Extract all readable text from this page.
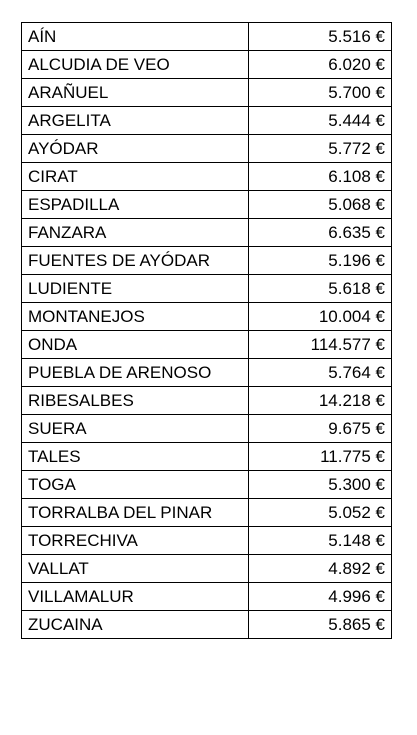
AÍN	5.516 €
ALCUDIA DE VEO	6.020 €
ARAÑUEL	5.700 €
ARGELITA	5.444 €
AYÓDAR	5.772 €
CIRAT	6.108 €
ESPADILLA	5.068 €
FANZARA	6.635 €
FUENTES DE AYÓDAR	5.196 €
LUDIENTE	5.618 €
MONTANEJOS	10.004 €
ONDA	114.577 €
PUEBLA DE ARENOSO	5.764 €
RIBESALBES	14.218 €
SUERA	9.675 €
TALES	11.775 €
TOGA	5.300 €
TORRALBA DEL PINAR	5.052 €
TORRECHIVA	5.148 €
VALLAT	4.892 €
VILLAMALUR	4.996 €
ZUCAINA	5.865 €
